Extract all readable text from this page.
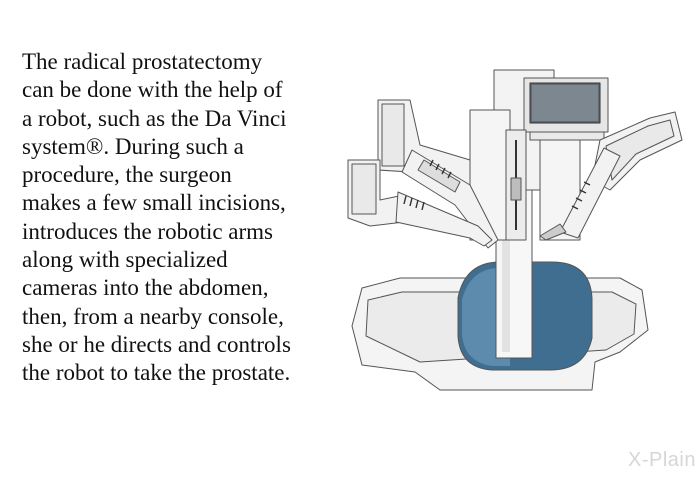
The radical prostatectomy
can be done with the help of
a robot, such as the Da Vinci
system®. During such a
procedure, the surgeon
makes a few small incisions,
introduces the robotic arms
along with specialized
cameras into the abdomen,
then, from a nearby console,
she or he directs and controls
the robot to take the prostate.
X-Plain
